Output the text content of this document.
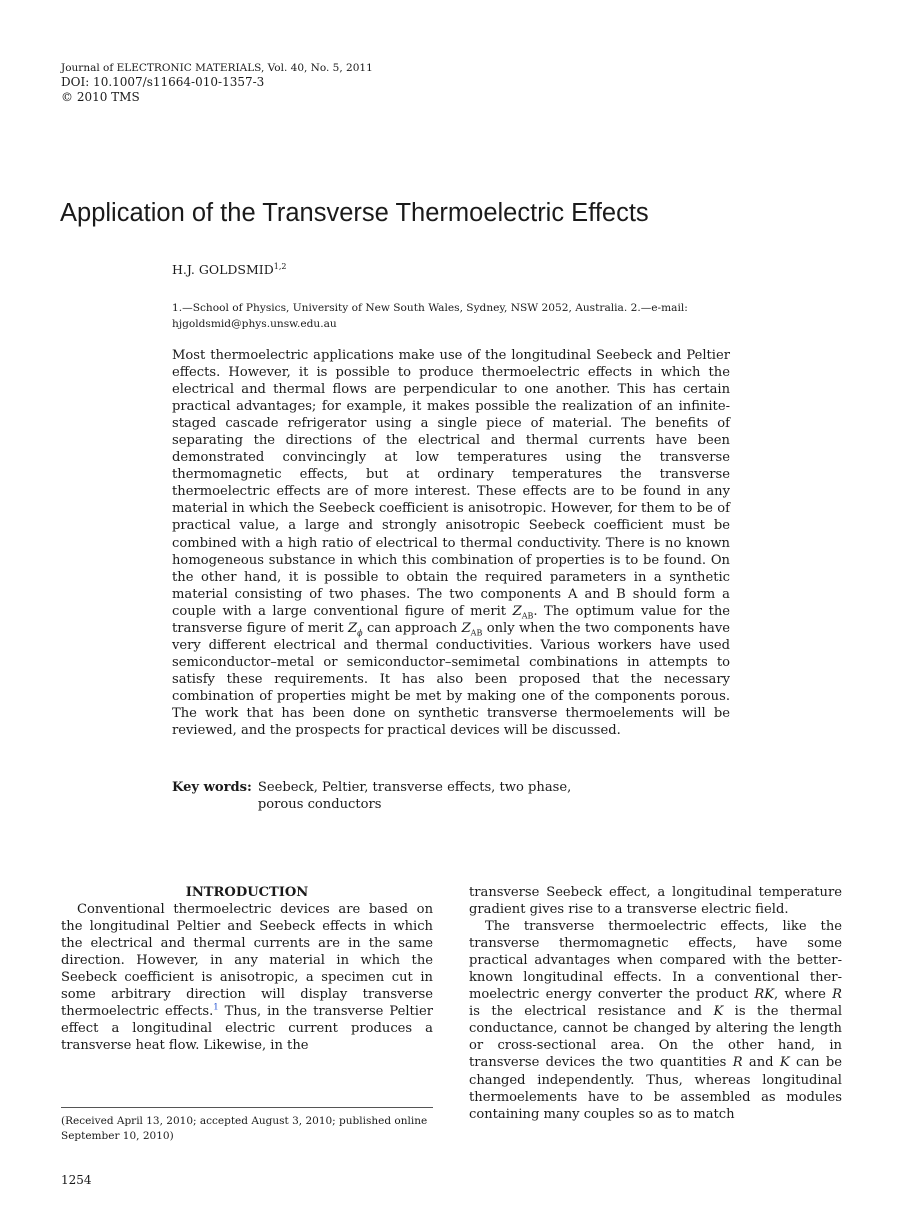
Journal of ELECTRONIC MATERIALS, Vol. 40, No. 5, 2011
DOI: 10.1007/s11664-010-1357-3
© 2010 TMS
Application of the Transverse Thermoelectric Effects
H.J. GOLDSMID$^{1,2}$
1.—School of Physics, University of New South Wales, Sydney, NSW 2052, Australia. 2.—e-mail: hjgoldsmid@phys.unsw.edu.au
Most thermoelectric applications make use of the longitudinal Seebeck and Peltier effects. However, it is possible to produce thermoelectric effects in which the electrical and thermal flows are perpendicular to one another. This has certain practical advantages; for example, it makes possible the realization of an infinite-staged cascade refrigerator using a single piece of material. The benefits of separating the directions of the electrical and thermal currents have been demonstrated convincingly at low temperatures using the transverse thermomagnetic effects, but at ordinary temperatures the transverse thermoelectric effects are of more interest. These effects are to be found in any material in which the Seebeck coefficient is anisotropic. However, for them to be of practical value, a large and strongly anisotropic Seebeck coefficient must be combined with a high ratio of electrical to thermal conductivity. There is no known homogeneous substance in which this combination of properties is to be found. On the other hand, it is possible to obtain the required parameters in a synthetic material consisting of two phases. The two components A and B should form a couple with a large conventional figure of merit $Z_{AB}$. The optimum value for the transverse figure of merit $Z_\phi$ can approach $Z_{AB}$ only when the two components have very different electrical and thermal conductivities. Various workers have used semiconductor–metal or semiconductor–semimetal combinations in attempts to satisfy these requirements. It has also been proposed that the necessary combination of properties might be met by making one of the components porous. The work that has been done on synthetic transverse thermoelements will be reviewed, and the prospects for practical devices will be discussed.
Key words: Seebeck, Peltier, transverse effects, two phase, porous conductors
INTRODUCTION

Conventional thermoelectric devices are based on the longitudinal Peltier and Seebeck effects in which the electrical and thermal currents are in the same direction. However, in any material in which the Seebeck coefficient is anisotropic, a specimen cut in some arbitrary direction will display transverse thermoelectric effects.$^1$ Thus, in the transverse Peltier effect a longitudinal electric current produces a transverse heat flow. Likewise, in the

transverse Seebeck effect, a longitudinal temperature gradient gives rise to a transverse electric field.

The transverse thermoelectric effects, like the transverse thermomagnetic effects, have some practical advantages when compared with the better-known longitudinal effects. In a conventional thermoelectric energy converter the product RK, where R is the electrical resistance and K is the thermal conductance, cannot be changed by altering the length or cross-sectional area. On the other hand, in transverse devices the two quantities R and K can be changed independently. Thus, whereas longitudinal thermoelements have to be assembled as modules containing many couples so as to match

(Received April 13, 2010; accepted August 3, 2010; published online September 10, 2010)
1254
